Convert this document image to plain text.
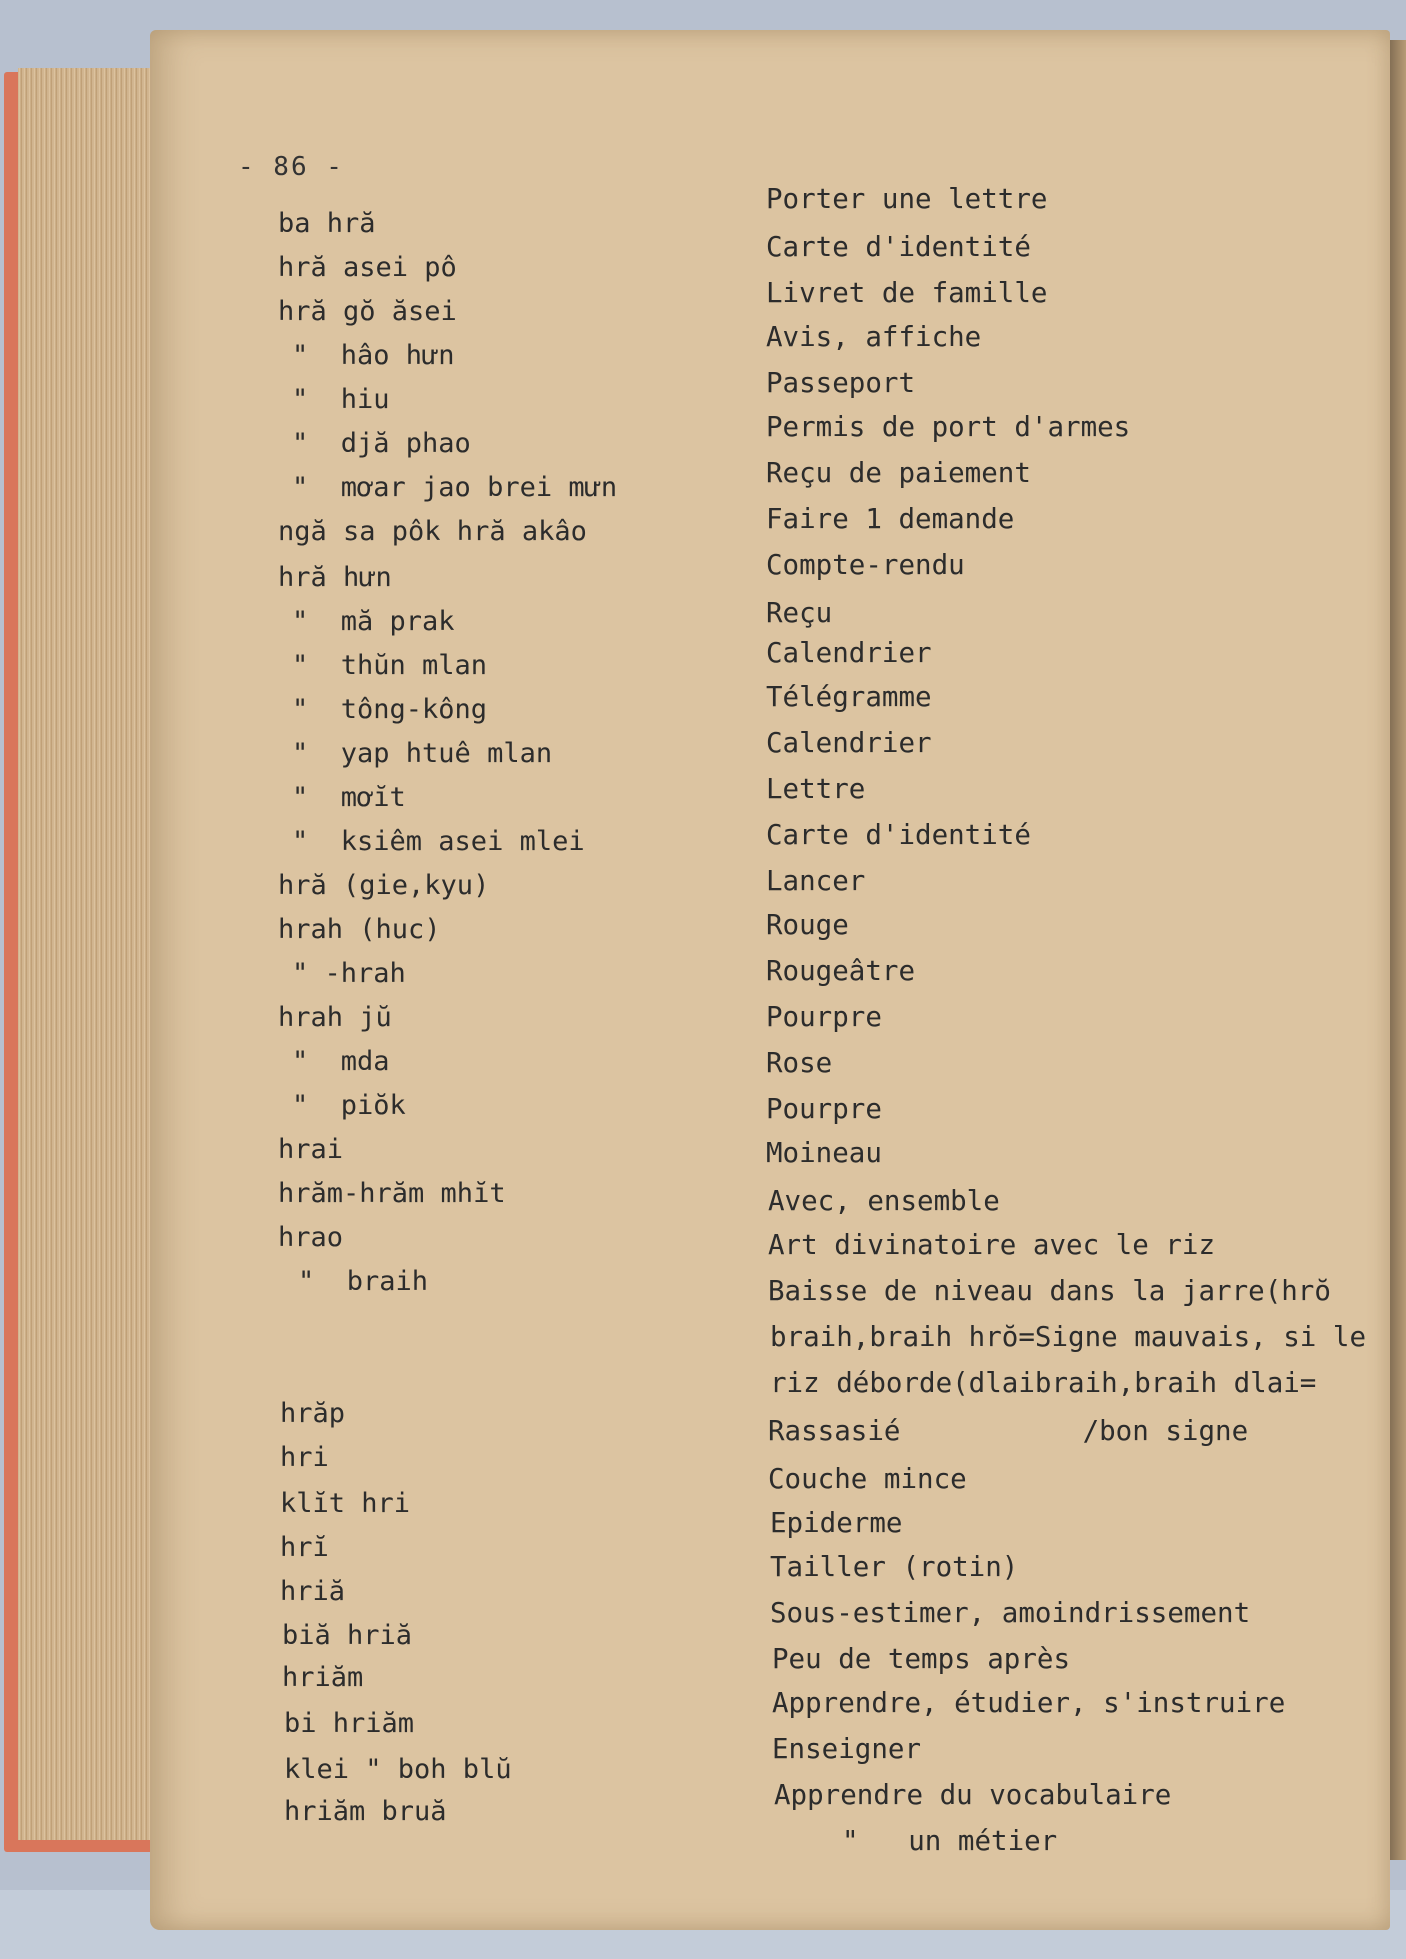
- 86 -
ba hră
hră asei pô
hră gŏ ăsei
"  hâo hưn
"  hiu
"  djă phao
"  mơar jao brei mưn
ngă sa pôk hră akâo
hră hưn
"  mă prak
"  thŭn mlan
"  tông-kông
"  yap htuê mlan
"  mơĭt
"  ksiêm asei mlei
hră (gie,kyu)
hrah (huc)
" -hrah
hrah jŭ
"  mda
"  piŏk
hrai
hrăm-hrăm mhĭt
hrao
"  braih
hrăp
hri
klĭt hri
hrĭ
hriă
biă hriă
hriăm
bi hriăm
klei " boh blŭ
hriăm bruă
Porter une lettre
Carte d'identité
Livret de famille
Avis, affiche
Passeport
Permis de port d'armes
Reçu de paiement
Faire 1 demande
Compte-rendu
Reçu
Calendrier
Télégramme
Calendrier
Lettre
Carte d'identité
Lancer
Rouge
Rougeâtre
Pourpre
Rose
Pourpre
Moineau
Avec, ensemble
Art divinatoire avec le riz
Baisse de niveau dans la jarre(hrŏ
braih,braih hrŏ=Signe mauvais, si le
riz déborde(dlaibraih,braih dlai=
Rassasié           /bon signe
Couche mince
Epiderme
Tailler (rotin)
Sous-estimer, amoindrissement
Peu de temps après
Apprendre, étudier, s'instruire
Enseigner
Apprendre du vocabulaire
"   un métier
